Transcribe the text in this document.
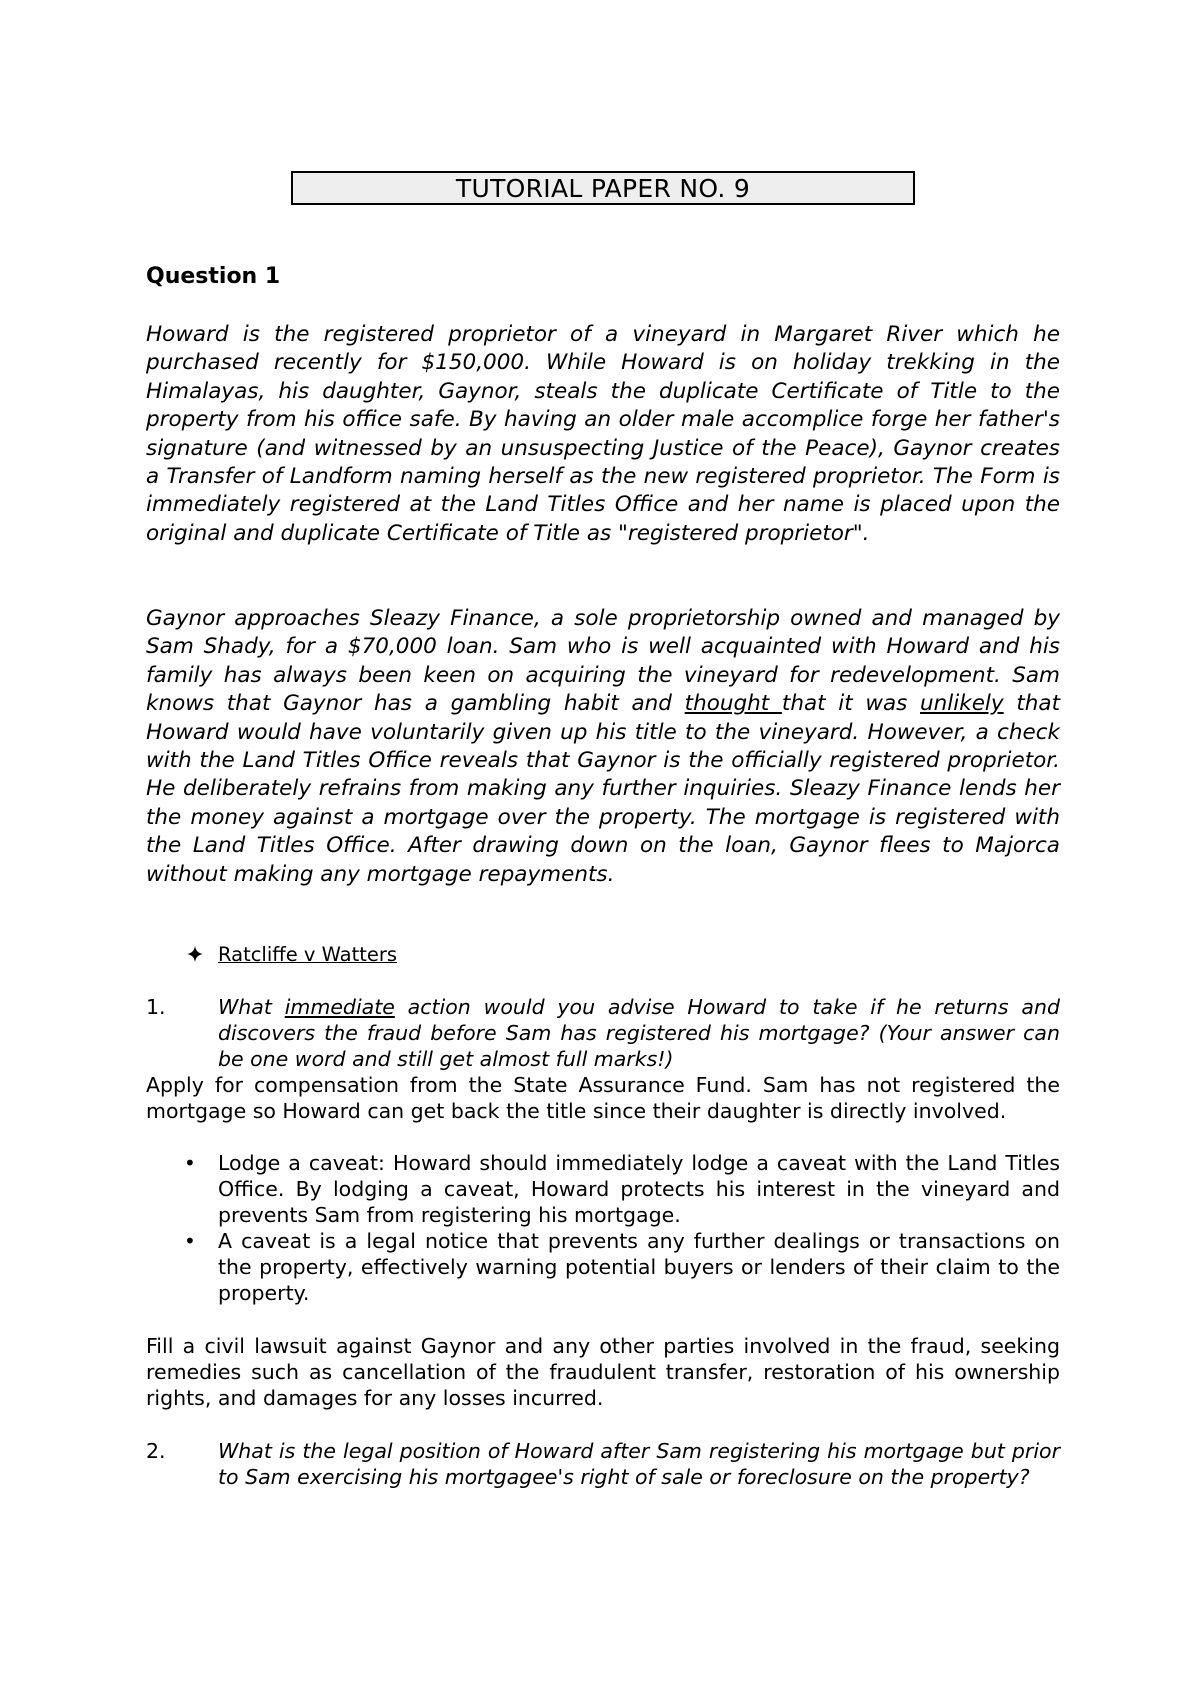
TUTORIAL PAPER NO. 9
Question 1
Howard is the registered proprietor of a vineyard in Margaret River which he purchased recently for $150,000. While Howard is on holiday trekking in the Himalayas, his daughter, Gaynor, steals the duplicate Certificate of Title to the property from his office safe. By having an older male accomplice forge her father's signature (and witnessed by an unsuspecting Justice of the Peace), Gaynor creates a Transfer of Landform naming herself as the new registered proprietor. The Form is immediately registered at the Land Titles Office and her name is placed upon the original and duplicate Certificate of Title as "registered proprietor".
Gaynor approaches Sleazy Finance, a sole proprietorship owned and managed by Sam Shady, for a $70,000 loan. Sam who is well acquainted with Howard and his family has always been keen on acquiring the vineyard for redevelopment. Sam knows that Gaynor has a gambling habit and thought that it was unlikely that Howard would have voluntarily given up his title to the vineyard. However, a check with the Land Titles Office reveals that Gaynor is the officially registered proprietor. He deliberately refrains from making any further inquiries. Sleazy Finance lends her the money against a mortgage over the property. The mortgage is registered with the Land Titles Office. After drawing down on the loan, Gaynor flees to Majorca without making any mortgage repayments.
Ratcliffe v Watters
1.	What immediate action would you advise Howard to take if he returns and discovers the fraud before Sam has registered his mortgage? (Your answer can be one word and still get almost full marks!)
Apply for compensation from the State Assurance Fund. Sam has not registered the mortgage so Howard can get back the title since their daughter is directly involved.
• Lodge a caveat: Howard should immediately lodge a caveat with the Land Titles Office. By lodging a caveat, Howard protects his interest in the vineyard and prevents Sam from registering his mortgage.
• A caveat is a legal notice that prevents any further dealings or transactions on the property, effectively warning potential buyers or lenders of their claim to the property.
Fill a civil lawsuit against Gaynor and any other parties involved in the fraud, seeking remedies such as cancellation of the fraudulent transfer, restoration of his ownership rights, and damages for any losses incurred.
2.	What is the legal position of Howard after Sam registering his mortgage but prior to Sam exercising his mortgagee's right of sale or foreclosure on the property?
